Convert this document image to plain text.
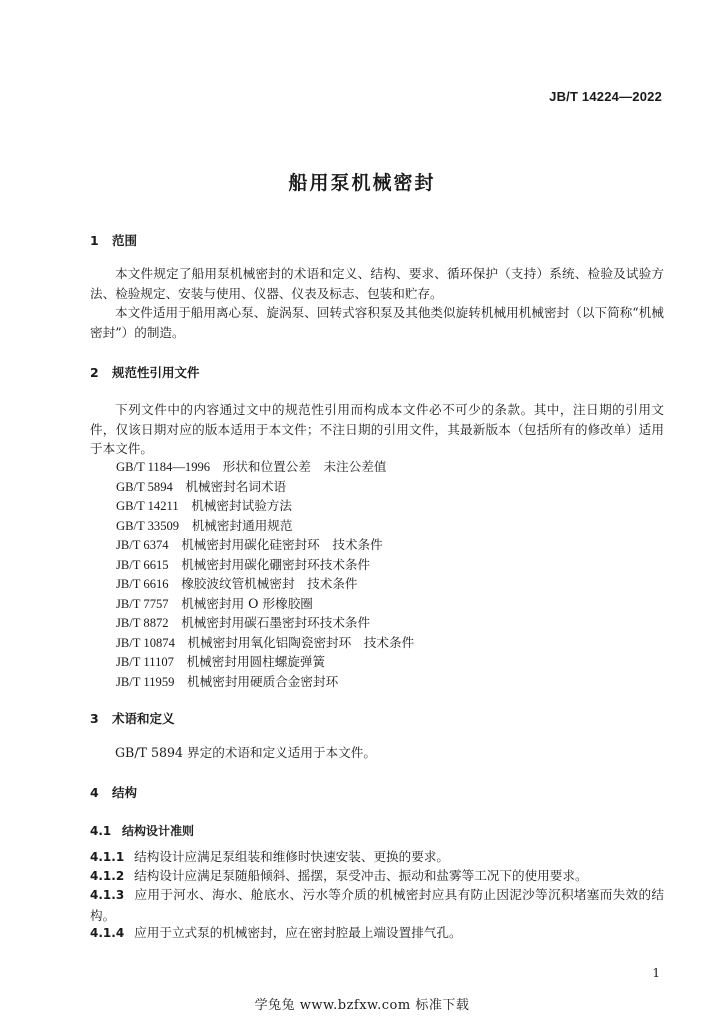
JB/T 14224—2022
船用泵机械密封
1 范围
本文件规定了船用泵机械密封的术语和定义、结构、要求、循环保护（支持）系统、检验及试验方法、检验规定、安装与使用、仪器、仪表及标志、包装和贮存。
本文件适用于船用离心泵、旋涡泵、回转式容积泵及其他类似旋转机械用机械密封（以下简称“机械密封”）的制造。
2 规范性引用文件
下列文件中的内容通过文中的规范性引用而构成本文件必不可少的条款。其中，注日期的引用文件，仅该日期对应的版本适用于本文件；不注日期的引用文件，其最新版本（包括所有的修改单）适用于本文件。
GB/T 1184—1996　 形状和位置公差　未注公差值
GB/T 5894　 机械密封名词术语
GB/T 14211　 机械密封试验方法
GB/T 33509　 机械密封通用规范
JB/T 6374　 机械密封用碳化硅密封环　技术条件
JB/T 6615　 机械密封用碳化硼密封环技术条件
JB/T 6616　 橡胶波纹管机械密封　技术条件
JB/T 7757　 机械密封用 O 形橡胶圈
JB/T 8872　 机械密封用碳石墨密封环技术条件
JB/T 10874　 机械密封用氧化铝陶瓷密封环　技术条件
JB/T 11107　 机械密封用圆柱螺旋弹簧
JB/T 11959　 机械密封用硬质合金密封环
3 术语和定义
GB/T 5894 界定的术语和定义适用于本文件。
4 结构
4.1 结构设计准则
4.1.1 结构设计应满足泵组装和维修时快速安装、更换的要求。
4.1.2 结构设计应满足泵随船倾斜、摇摆，泵受冲击、振动和盐雾等工况下的使用要求。
4.1.3 应用于河水、海水、舱底水、污水等介质的机械密封应具有防止因泥沙等沉积堵塞而失效的结构。
4.1.4 应用于立式泵的机械密封，应在密封腔最上端设置排气孔。
1
学兔兔 www.bzfxw.com 标准下载
